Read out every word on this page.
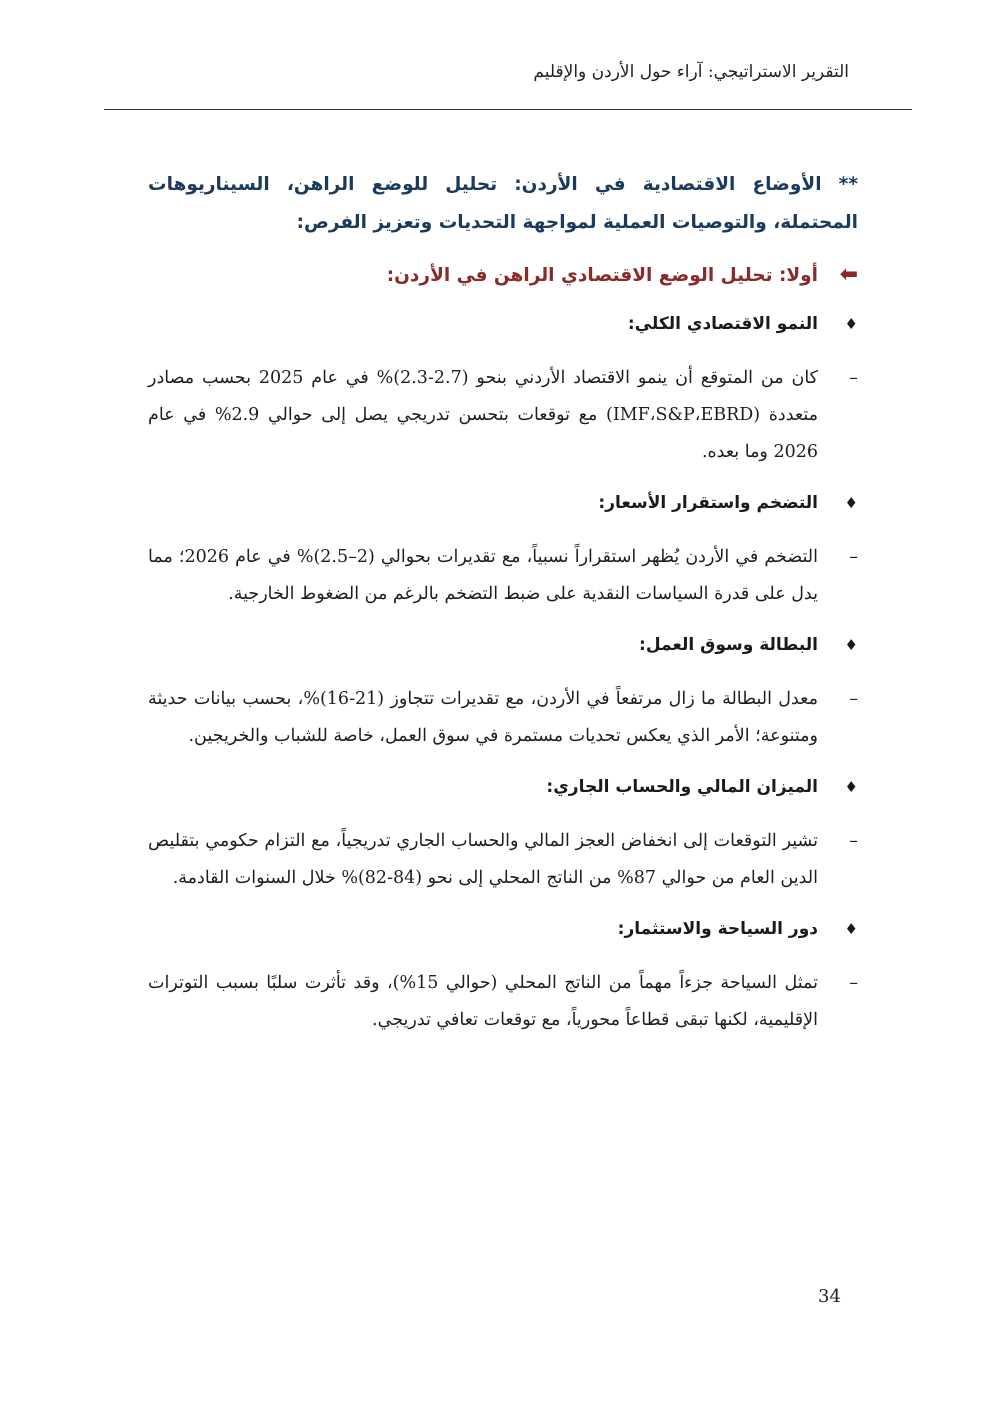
التقرير الاستراتيجي: آراء حول الأردن والإقليم

** الأوضاع الاقتصادية في الأردن: تحليل للوضع الراهن، السيناريوهات المحتملة، والتوصيات العملية لمواجهة التحديات وتعزيز الفرص:

⬅
أولا: تحليل الوضع الاقتصادي الراهن في الأردن:
♦
النمو الاقتصادي الكلي:
–
كان من المتوقع أن ينمو الاقتصاد الأردني بنحو (2.7-2.3)% في عام 2025 بحسب مصادر متعددة (IMF،S&P،EBRD) مع توقعات بتحسن تدريجي يصل إلى حوالي 2.9% في عام 2026 وما بعده.
♦
التضخم واستقرار الأسعار:
–
التضخم في الأردن يُظهر استقراراً نسبياً، مع تقديرات بحوالي (2–2.5)% في عام 2026؛ مما يدل على قدرة السياسات النقدية على ضبط التضخم بالرغم من الضغوط الخارجية.
♦
البطالة وسوق العمل:
–
معدل البطالة ما زال مرتفعاً في الأردن، مع تقديرات تتجاوز (21-16)%، بحسب بيانات حديثة ومتنوعة؛ الأمر الذي يعكس تحديات مستمرة في سوق العمل، خاصة للشباب والخريجين.
♦
الميزان المالي والحساب الجاري:
–
تشير التوقعات إلى انخفاض العجز المالي والحساب الجاري تدريجياً، مع التزام حكومي بتقليص الدين العام من حوالي 87% من الناتج المحلي إلى نحو (84-82)% خلال السنوات القادمة.
♦
دور السياحة والاستثمار:
–
تمثل السياحة جزءاً مهماً من الناتج المحلي (حوالي 15%)، وقد تأثرت سلبًا بسبب التوترات الإقليمية، لكنها تبقى قطاعاً محورياً، مع توقعات تعافي تدريجي.
34
